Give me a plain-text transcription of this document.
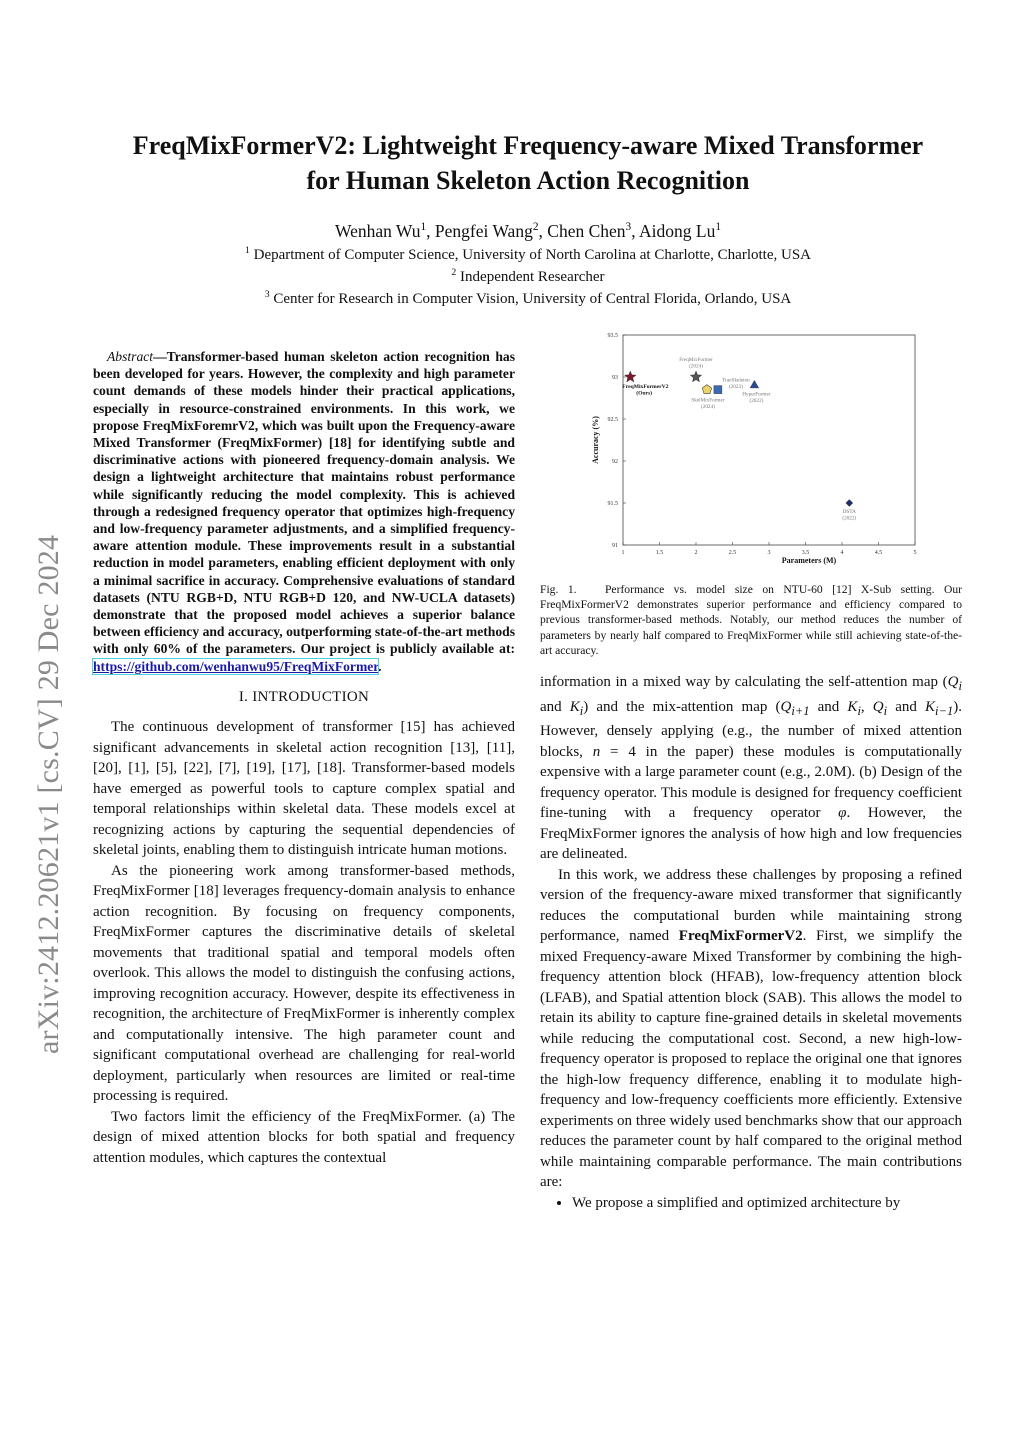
arXiv:2412.20621v1 [cs.CV] 29 Dec 2024
FreqMixFormerV2: Lightweight Frequency-aware Mixed Transformer
for Human Skeleton Action Recognition
Wenhan Wu$^1$, Pengfei Wang$^2$, Chen Chen$^3$, Aidong Lu$^1$
$^1$ Department of Computer Science, University of North Carolina at Charlotte, Charlotte, USA
$^2$ Independent Researcher
$^3$ Center for Research in Computer Vision, University of Central Florida, Orlando, USA

Abstract—Transformer-based human skeleton action recognition has been developed for years. However, the complexity and high parameter count demands of these models hinder their practical applications, especially in resource-constrained environments. In this work, we propose FreqMixForemrV2, which was built upon the Frequency-aware Mixed Transformer (FreqMixFormer) [18] for identifying subtle and discriminative actions with pioneered frequency-domain analysis. We design a lightweight architecture that maintains robust performance while significantly reducing the model complexity. This is achieved through a redesigned frequency operator that optimizes high-frequency and low-frequency parameter adjustments, and a simplified frequency-aware attention module. These improvements result in a substantial reduction in model parameters, enabling efficient deployment with only a minimal sacrifice in accuracy. Comprehensive evaluations of standard datasets (NTU RGB+D, NTU RGB+D 120, and NW-UCLA datasets) demonstrate that the proposed model achieves a superior balance between efficiency and accuracy, outperforming state-of-the-art methods with only 60% of the parameters. Our project is publicly available at: https://github.com/wenhanwu95/FreqMixFormer.

I. INTRODUCTION

The continuous development of transformer [15] has achieved significant advancements in skeletal action recognition [13], [11], [20], [1], [5], [22], [7], [19], [17], [18]. Transformer-based models have emerged as powerful tools to capture complex spatial and temporal relationships within skeletal data. These models excel at recognizing actions by capturing the sequential dependencies of skeletal joints, enabling them to distinguish intricate human motions.

As the pioneering work among transformer-based methods, FreqMixFormer [18] leverages frequency-domain analysis to enhance action recognition. By focusing on frequency components, FreqMixFormer captures the discriminative details of skeletal movements that traditional spatial and temporal models often overlook. This allows the model to distinguish the confusing actions, improving recognition accuracy. However, despite its effectiveness in recognition, the architecture of FreqMixFormer is inherently complex and computationally intensive. The high parameter count and significant computational overhead are challenging for real-world deployment, particularly when resources are limited or real-time processing is required.

Two factors limit the efficiency of the FreqMixFormer. (a) The design of mixed attention blocks for both spatial and frequency attention modules, which captures the contextual

1	1.5	2	2.5	3	3.5	4	4.5	5
91
91.5
92
92.5
93
93.5
Parameters (M)
Accuracy (%)
FreqMixFormerV2
(Ours)
FreqMixFormer
(2024)
TranSkeleton
(2023)
SkelMixFormer
(2024)
HyperFormer
(2022)
DSTA
(2022)
Fig. 1. Performance vs. model size on NTU-60 [12] X-Sub setting. Our FreqMixFormerV2 demonstrates superior performance and efficiency compared to previous transformer-based methods. Notably, our method reduces the number of parameters by nearly half compared to FreqMixFormer while still achieving state-of-the-art accuracy.

information in a mixed way by calculating the self-attention map ($Q_i$ and $K_i$) and the mix-attention map ($Q_{i+1}$ and $K_i$, $Q_i$ and $K_{i-1}$). However, densely applying (e.g., the number of mixed attention blocks, n = 4 in the paper) these modules is computationally expensive with a large parameter count (e.g., 2.0M). (b) Design of the frequency operator. This module is designed for frequency coefficient fine-tuning with a frequency operator φ. However, the FreqMixFormer ignores the analysis of how high and low frequencies are delineated.

In this work, we address these challenges by proposing a refined version of the frequency-aware mixed transformer that significantly reduces the computational burden while maintaining strong performance, named FreqMixFormerV2. First, we simplify the mixed Frequency-aware Mixed Transformer by combining the high-frequency attention block (HFAB), low-frequency attention block (LFAB), and Spatial attention block (SAB). This allows the model to retain its ability to capture fine-grained details in skeletal movements while reducing the computational cost. Second, a new high-low-frequency operator is proposed to replace the original one that ignores the high-low frequency difference, enabling it to modulate high-frequency and low-frequency coefficients more efficiently. Extensive experiments on three widely used benchmarks show that our approach reduces the parameter count by half compared to the original method while maintaining comparable performance. The main contributions are:

• We propose a simplified and optimized architecture by
